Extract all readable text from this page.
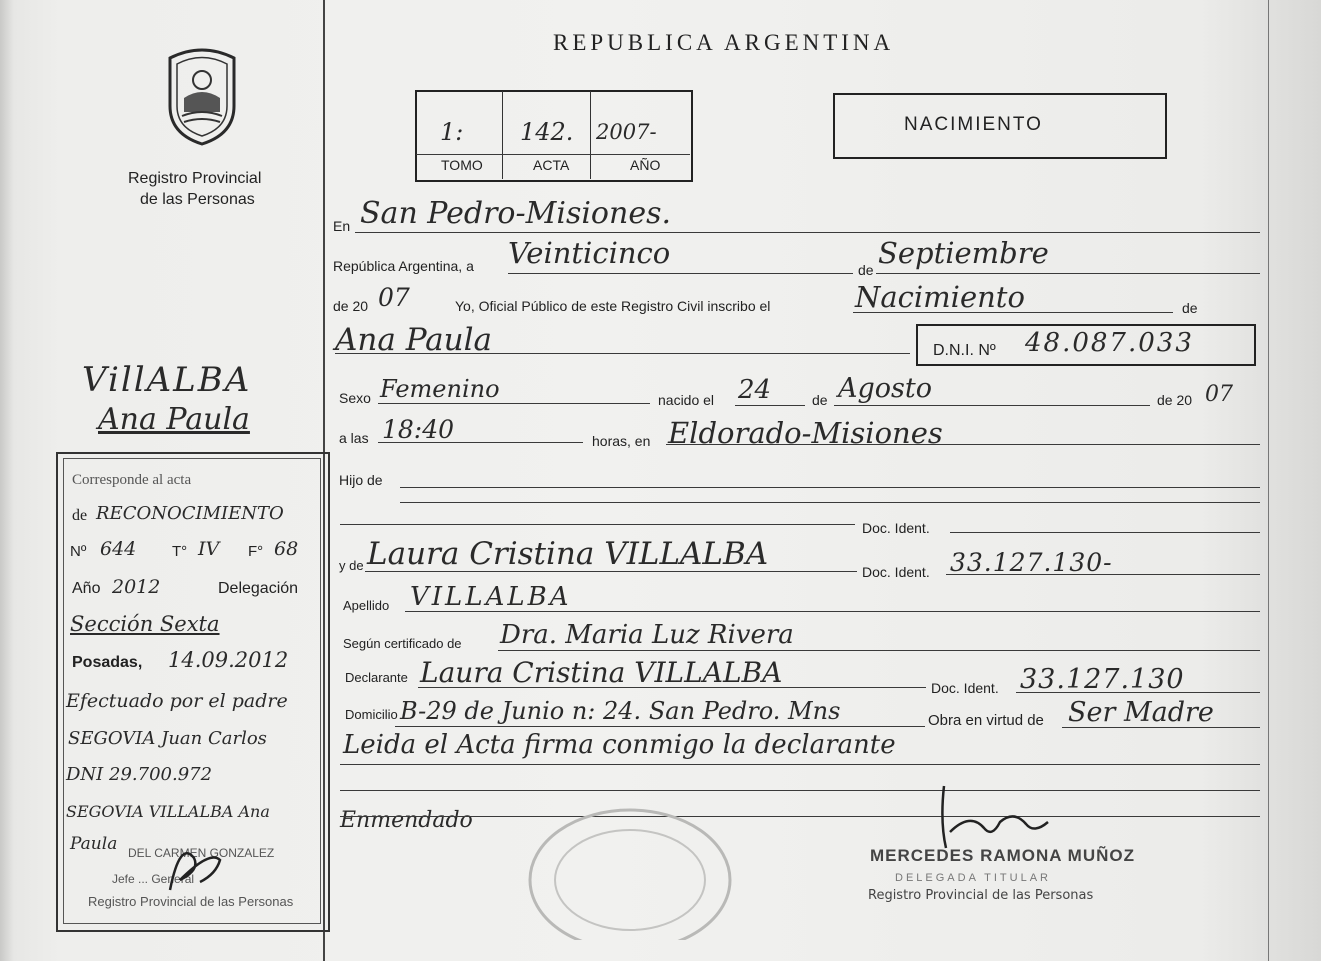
Registro Provincial
de las Personas
VillALBA
Ana Paula
Corresponde al acta
de RECONOCIMIENTO
Nº 644 T° IV F° 68
Año 2012	Delegación
Sección Sexta
Posadas, 14.09.2012
Efectuado por el padre
SEGOVIA Juan Carlos
DNI 29.700.972
SEGOVIA VILLALBA Ana
Paula DEL CARMEN GONZALEZ
Jefe ... General
Registro Provincial de las Personas
REPUBLICA ARGENTINA
1: 142. 2007-
TOMO	ACTA	AÑO
NACIMIENTO
En San Pedro-Misiones.
República Argentina, a Veinticinco	de Septiembre
de 20 07	Yo, Oficial Público de este Registro Civil inscribo el	Nacimiento	de
Ana Paula	D.N.I. Nº 48.087.033
Sexo Femenino	nacido el 24	de Agosto	de 20 07
a las 18:40	horas, en Eldorado-Misiones
Hijo de
Doc. Ident.
y de Laura Cristina VILLALBA	Doc. Ident. 33.127.130-
Apellido VILLALBA
Según certificado de Dra. Maria Luz Rivera
Declarante Laura Cristina VILLALBA	Doc. Ident. 33.127.130
Domicilio B-29 de Junio n: 24. San Pedro. Mns	Obra en virtud de Ser Madre
Leida el Acta firma conmigo la declarante
Enmendado
MERCEDES RAMONA MUÑOZ
DELEGADA TITULAR
Registro Provincial de las Personas
